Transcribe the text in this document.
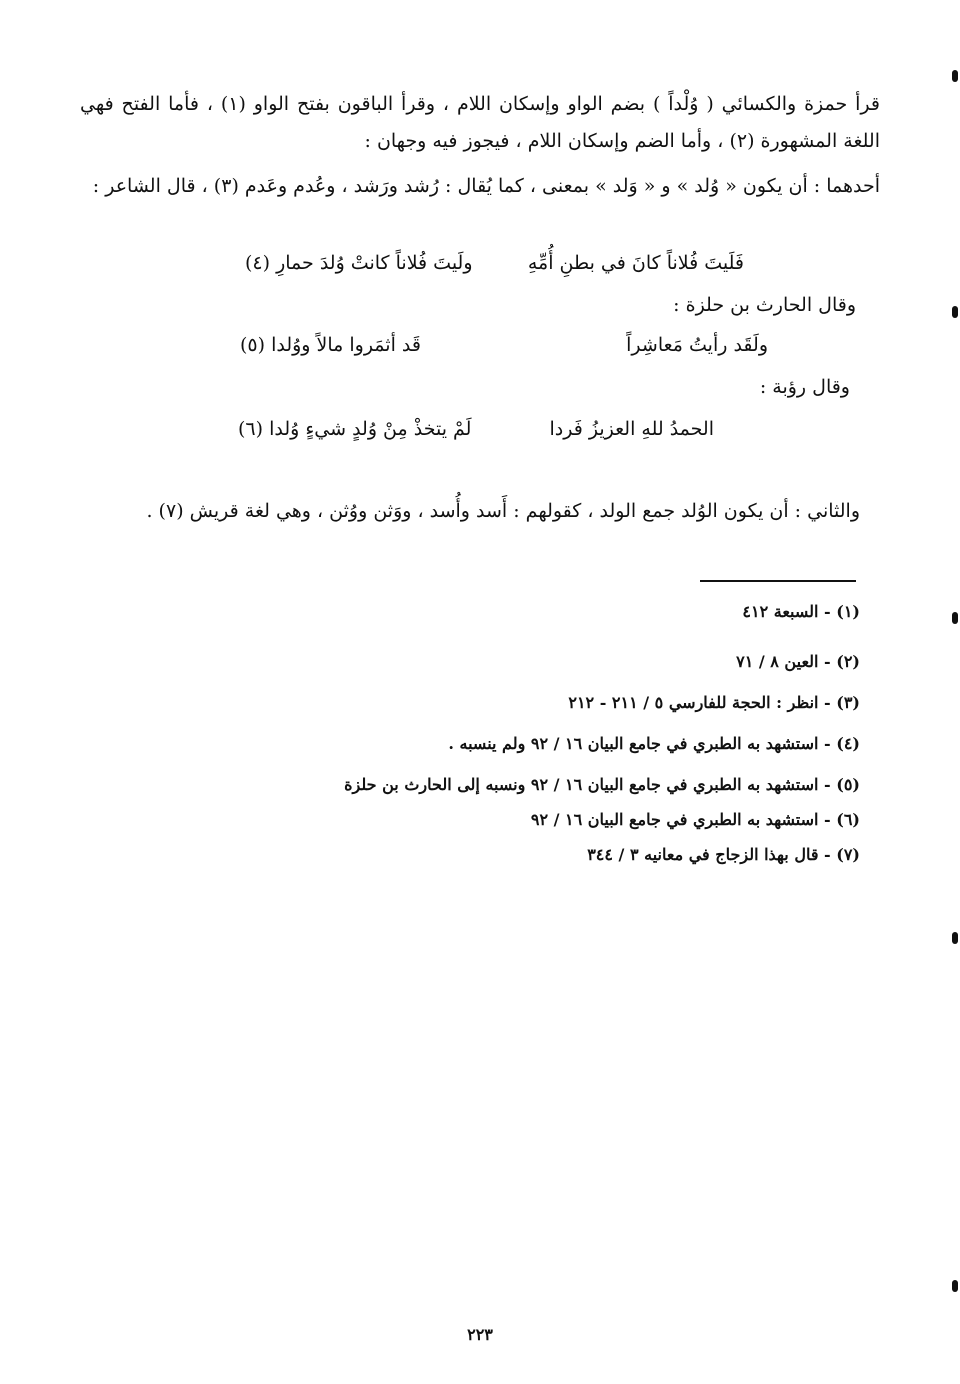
قرأ حمزة والكسائي ( وُلْداً ) بضم الواو وإسكان اللام ، وقرأ الباقون بفتح الواو (١) ، فأما الفتح فهي اللغة المشهورة (٢) ، وأما الضم وإسكان اللام ، فيجوز فيه وجهان :
أحدهما : أن يكون « وُلد » و « وَلد » بمعنى ، كما يُقال : رُشد ورَشد ، وعُدم وعَدم (٣) ، قال الشاعر :
فَلَيتَ فُلاناً كانَ في بطنِ أُمِّهِ
ولَيتَ فُلاناً كانتْ وُلدَ حمارِ (٤)
وقال الحارث بن حلزة :
ولَقَد رأيتُ مَعاشِراً
قَد أثمَروا مالاً ووُلدا (٥)
وقال رؤبة :
الحمدُ للهِ العزيزُ فَردا
لَمْ يتخذْ مِنْ وُلدٍ شيءٍ وُلدا (٦)
والثاني : أن يكون الوُلد جمع الولد ، كقولهم : أَسد وأُسد ، ووَثن ووُثن ، وهي لغة قريش (٧) .
(١) - السبعة ٤١٢
(٢) - العين ٨ / ٧١
(٣) - انظر : الحجة للفارسي ٥ / ٢١١ - ٢١٢
(٤) - استشهد به الطبري في جامع البيان ١٦ / ٩٢ ولم ينسبه .
(٥) - استشهد به الطبري في جامع البيان ١٦ / ٩٢ ونسبه إلى الحارث بن حلزة
(٦) - استشهد به الطبري في جامع البيان ١٦ / ٩٢
(٧) - قال بهذا الزجاج في معانيه ٣ / ٣٤٤
٢٢٣
